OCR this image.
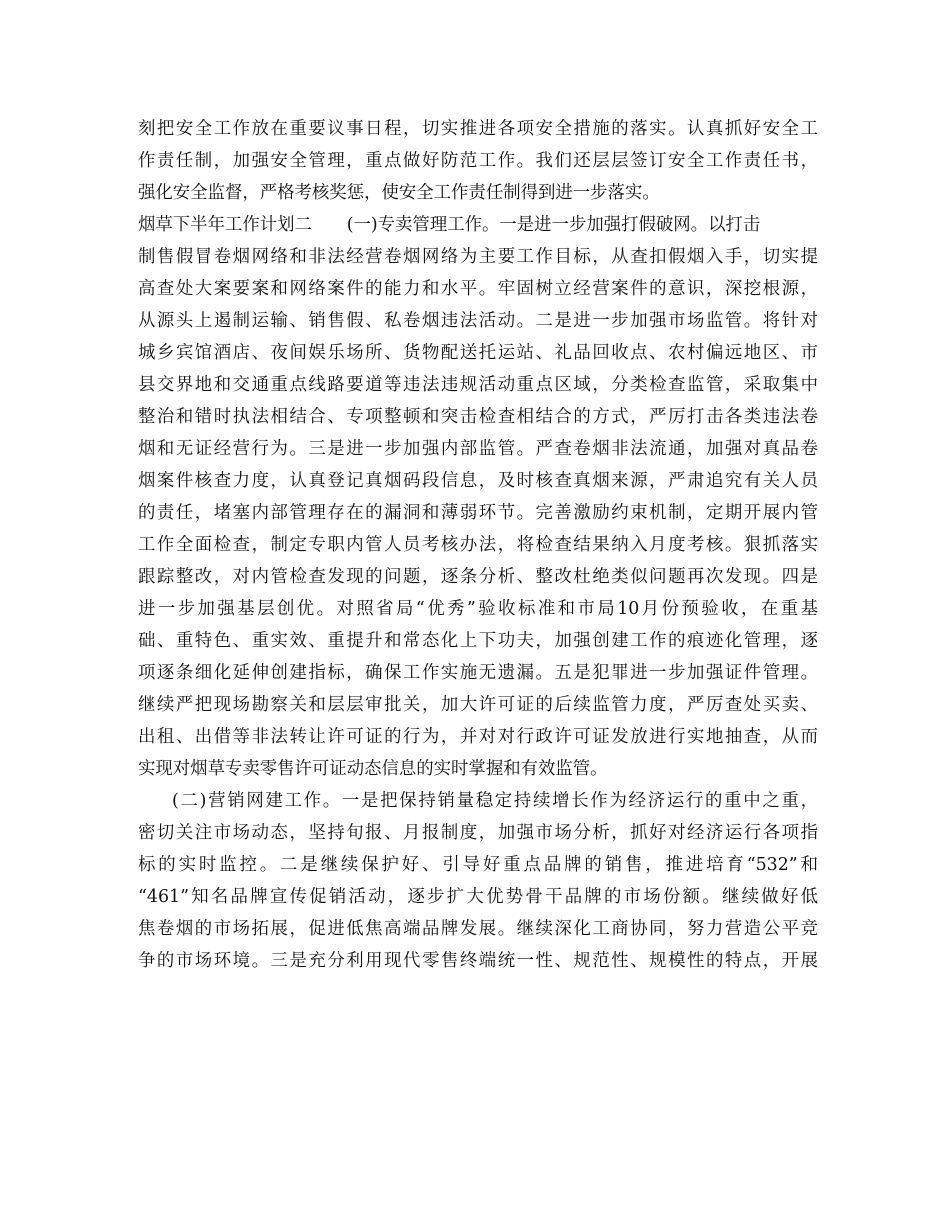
刻把安全工作放在重要议事日程，切实推进各项安全措施的落实。认真抓好安全工
作责任制，加强安全管理，重点做好防范工作。我们还层层签订安全工作责任书，
强化安全监督，严格考核奖惩，使安全工作责任制得到进一步落实。
烟草下半年工作计划二　　(一)专卖管理工作。一是进一步加强打假破网。以打击
制售假冒卷烟网络和非法经营卷烟网络为主要工作目标，从查扣假烟入手，切实提
高查处大案要案和网络案件的能力和水平。牢固树立经营案件的意识，深挖根源，
从源头上遏制运输、销售假、私卷烟违法活动。二是进一步加强市场监管。将针对
城乡宾馆酒店、夜间娱乐场所、货物配送托运站、礼品回收点、农村偏远地区、市
县交界地和交通重点线路要道等违法违规活动重点区域，分类检查监管，采取集中
整治和错时执法相结合、专项整顿和突击检查相结合的方式，严厉打击各类违法卷
烟和无证经营行为。三是进一步加强内部监管。严查卷烟非法流通，加强对真品卷
烟案件核查力度，认真登记真烟码段信息，及时核查真烟来源，严肃追究有关人员
的责任，堵塞内部管理存在的漏洞和薄弱环节。完善激励约束机制，定期开展内管
工作全面检查，制定专职内管人员考核办法，将检查结果纳入月度考核。狠抓落实
跟踪整改，对内管检查发现的问题，逐条分析、整改杜绝类似问题再次发现。四是
进一步加强基层创优。对照省局“优秀”验收标准和市局10月份预验收，在重基
础、重特色、重实效、重提升和常态化上下功夫，加强创建工作的痕迹化管理，逐
项逐条细化延伸创建指标，确保工作实施无遗漏。五是犯罪进一步加强证件管理。
继续严把现场勘察关和层层审批关，加大许可证的后续监管力度，严厉查处买卖、
出租、出借等非法转让许可证的行为，并对对行政许可证发放进行实地抽查，从而
实现对烟草专卖零售许可证动态信息的实时掌握和有效监管。
(二)营销网建工作。一是把保持销量稳定持续增长作为经济运行的重中之重，
密切关注市场动态，坚持旬报、月报制度，加强市场分析，抓好对经济运行各项指
标的实时监控。二是继续保护好、引导好重点品牌的销售，推进培育“532”和
“461”知名品牌宣传促销活动，逐步扩大优势骨干品牌的市场份额。继续做好低
焦卷烟的市场拓展，促进低焦高端品牌发展。继续深化工商协同，努力营造公平竞
争的市场环境。三是充分利用现代零售终端统一性、规范性、规模性的特点，开展
